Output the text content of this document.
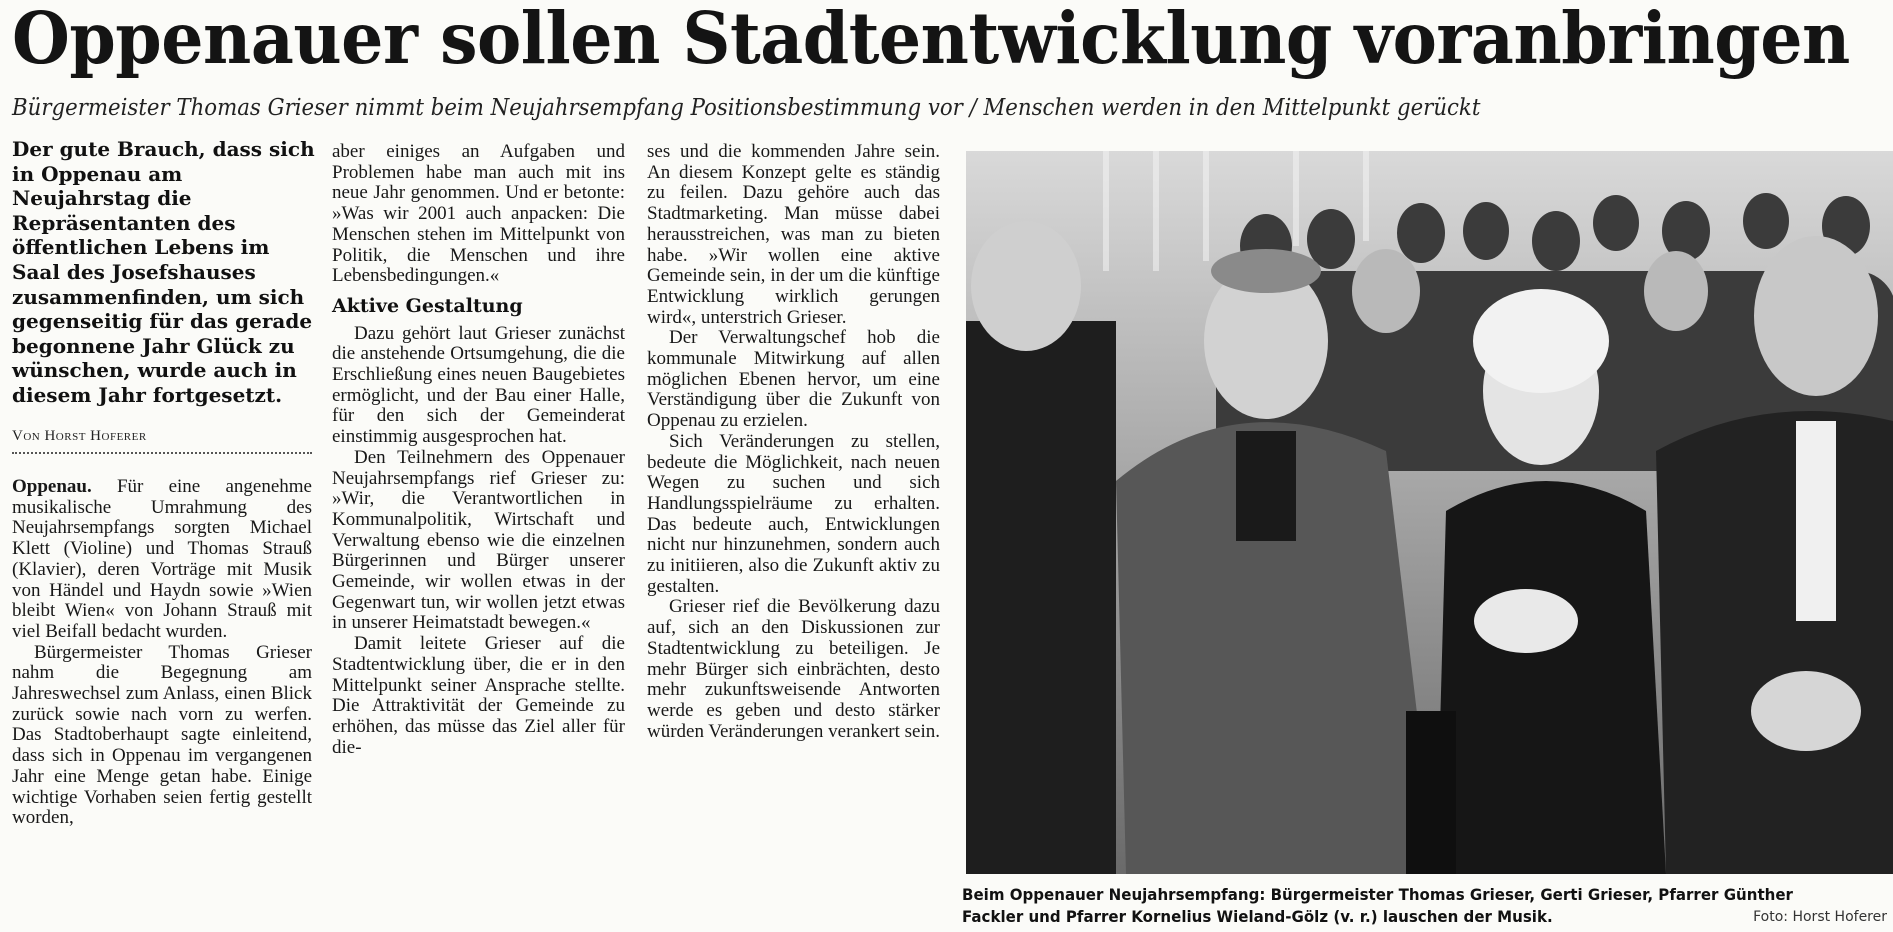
Oppenauer sollen Stadtentwicklung voranbringen
Bürgermeister Thomas Grieser nimmt beim Neujahrsempfang Positionsbestimmung vor / Menschen werden in den Mittelpunkt gerückt
Der gute Brauch, dass sich in Oppenau am Neujahrstag die Repräsentanten des öffentlichen Lebens im Saal des Josefshauses zusammenfinden, um sich gegenseitig für das gerade begonnene Jahr Glück zu wünschen, wurde auch in diesem Jahr fortgesetzt.
Von Horst Hoferer

Oppenau. Für eine angenehme musikalische Umrahmung des Neujahrsempfangs sorgten Michael Klett (Violine) und Thomas Strauß (Klavier), deren Vorträge mit Musik von Händel und Haydn sowie »Wien bleibt Wien« von Johann Strauß mit viel Beifall bedacht wurden.

Bürgermeister Thomas Grieser nahm die Begegnung am Jahreswechsel zum Anlass, einen Blick zurück sowie nach vorn zu werfen. Das Stadtoberhaupt sagte einleitend, dass sich in Oppenau im vergangenen Jahr eine Menge getan habe. Einige wichtige Vorhaben seien fertig gestellt worden,

aber einiges an Aufgaben und Problemen habe man auch mit ins neue Jahr genommen. Und er betonte: »Was wir 2001 auch anpacken: Die Menschen stehen im Mittelpunkt von Politik, die Menschen und ihre Lebensbedingungen.«

Aktive Gestaltung

Dazu gehört laut Grieser zunächst die anstehende Ortsumgehung, die die Erschließung eines neuen Baugebietes ermöglicht, und der Bau einer Halle, für den sich der Gemeinderat einstimmig ausgesprochen hat.

Den Teilnehmern des Oppenauer Neujahrsempfangs rief Grieser zu: »Wir, die Verantwortlichen in Kommunalpolitik, Wirtschaft und Verwaltung ebenso wie die einzelnen Bürgerinnen und Bürger unserer Gemeinde, wir wollen etwas in der Gegenwart tun, wir wollen jetzt etwas in unserer Heimatstadt bewegen.«

Damit leitete Grieser auf die Stadtentwicklung über, die er in den Mittelpunkt seiner Ansprache stellte. Die Attraktivität der Gemeinde zu erhöhen, das müsse das Ziel aller für die-

ses und die kommenden Jahre sein. An diesem Konzept gelte es ständig zu feilen. Dazu gehöre auch das Stadtmarketing. Man müsse dabei herausstreichen, was man zu bieten habe. »Wir wollen eine aktive Gemeinde sein, in der um die künftige Entwicklung wirklich gerungen wird«, unterstrich Grieser.

Der Verwaltungschef hob die kommunale Mitwirkung auf allen möglichen Ebenen hervor, um eine Verständigung über die Zukunft von Oppenau zu erzielen.

Sich Veränderungen zu stellen, bedeute die Möglichkeit, nach neuen Wegen zu suchen und sich Handlungsspielräume zu erhalten. Das bedeute auch, Entwicklungen nicht nur hinzunehmen, sondern auch zu initiieren, also die Zukunft aktiv zu gestalten.

Grieser rief die Bevölkerung dazu auf, sich an den Diskussionen zur Stadtentwicklung zu beteiligen. Je mehr Bürger sich einbrächten, desto mehr zukunftsweisende Antworten werde es geben und desto stärker würden Veränderungen verankert sein.

Beim Oppenauer Neujahrsempfang: Bürgermeister Thomas Grieser, Gerti Grieser, Pfarrer Günther
Fackler und Pfarrer Kornelius Wieland-Gölz (v. r.) lauschen der Musik.	Foto: Horst Hoferer
